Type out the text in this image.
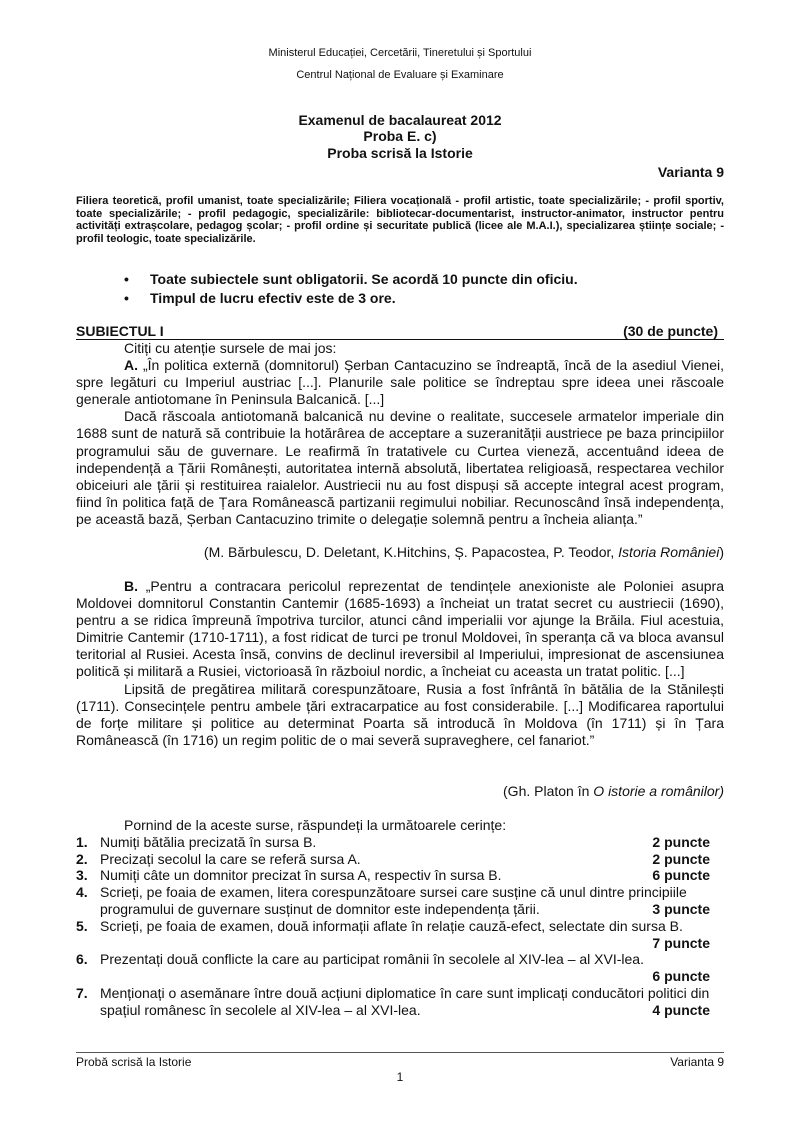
Ministerul Educației, Cercetării, Tineretului și Sportului
Centrul Național de Evaluare și Examinare
Examenul de bacalaureat 2012
Proba E. c)
Proba scrisă la Istorie
Varianta 9
Filiera teoretică, profil umanist, toate specializările; Filiera vocațională - profil artistic, toate specializările; - profil sportiv, toate specializările; - profil pedagogic, specializările: bibliotecar-documentarist, instructor-animator, instructor pentru activități extrașcolare, pedagog școlar; - profil ordine și securitate publică (licee ale M.A.I.), specializarea științe sociale; - profil teologic, toate specializările.
• Toate subiectele sunt obligatorii. Se acordă 10 puncte din oficiu.
• Timpul de lucru efectiv este de 3 ore.
SUBIECTUL I	(30 de puncte)

Citiți cu atenție sursele de mai jos:

A. „În politica externă (domnitorul) Șerban Cantacuzino se îndreaptă, încă de la asediul Vienei, spre legături cu Imperiul austriac [...]. Planurile sale politice se îndreptau spre ideea unei răscoale generale antiotomane în Peninsula Balcanică. [...]

Dacă răscoala antiotomană balcanică nu devine o realitate, succesele armatelor imperiale din 1688 sunt de natură să contribuie la hotărârea de acceptare a suzeranității austriece pe baza principiilor programului său de guvernare. Le reafirmă în tratativele cu Curtea vieneză, accentuând ideea de independență a Țării Românești, autoritatea internă absolută, libertatea religioasă, respectarea vechilor obiceiuri ale țării și restituirea raialelor. Austriecii nu au fost dispuși să accepte integral acest program, fiind în politica față de Țara Românească partizanii regimului nobiliar. Recunoscând însă independența, pe această bază, Șerban Cantacuzino trimite o delegație solemnă pentru a încheia alianța.”

(M. Bărbulescu, D. Deletant, K.Hitchins, Ș. Papacostea, P. Teodor, Istoria României)

B. „Pentru a contracara pericolul reprezentat de tendințele anexioniste ale Poloniei asupra Moldovei domnitorul Constantin Cantemir (1685-1693) a încheiat un tratat secret cu austriecii (1690), pentru a se ridica împreună împotriva turcilor, atunci când imperialii vor ajunge la Brăila. Fiul acestuia, Dimitrie Cantemir (1710-1711), a fost ridicat de turci pe tronul Moldovei, în speranța că va bloca avansul teritorial al Rusiei. Acesta însă, convins de declinul ireversibil al Imperiului, impresionat de ascensiunea politică și militară a Rusiei, victorioasă în războiul nordic, a încheiat cu aceasta un tratat politic. [...]

Lipsită de pregătirea militară corespunzătoare, Rusia a fost înfrântă în bătălia de la Stănilești (1711). Consecințele pentru ambele țări extracarpatice au fost considerabile. [...] Modificarea raportului de forțe militare și politice au determinat Poarta să introducă în Moldova (în 1711) și în Țara Românească (în 1716) un regim politic de o mai severă supraveghere, cel fanariot.”

(Gh. Platon în O istorie a românilor)
Pornind de la aceste surse, răspundeți la următoarele cerințe:
1. Numiți bătălia precizată în sursa B.	2 puncte
2. Precizați secolul la care se referă sursa A.	2 puncte
3. Numiți câte un domnitor precizat în sursa A, respectiv în sursa B.	6 puncte
4. Scrieți, pe foaia de examen, litera corespunzătoare sursei care susține că unul dintre principiile programului de guvernare susținut de domnitor este independența țării.	3 puncte
5. Scrieți, pe foaia de examen, două informații aflate în relație cauză-efect, selectate din sursa B.
7 puncte
6. Prezentați două conflicte la care au participat românii în secolele al XIV-lea – al XVI-lea.
6 puncte
7. Menționați o asemănare între două acțiuni diplomatice în care sunt implicați conducători politici din spațiul românesc în secolele al XIV-lea – al XVI-lea.	4 puncte
Probă scrisă la Istorie	Varianta 9
1
